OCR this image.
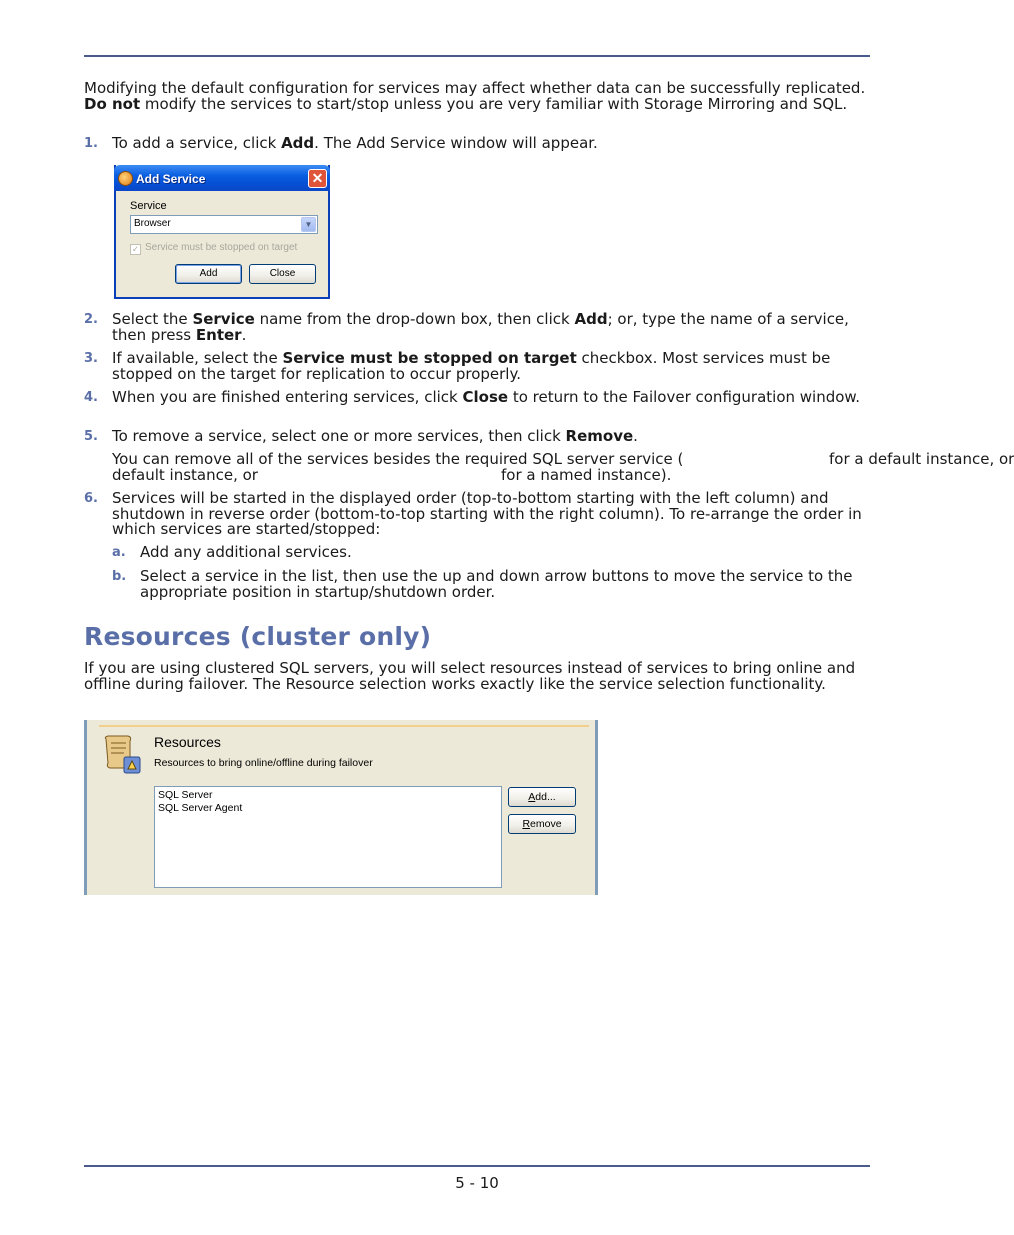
Modifying the default configuration for services may affect whether data can be successfully replicated. Do not modify the services to start/stop unless you are very familiar with Storage Mirroring and SQL.
1. To add a service, click Add. The Add Service window will appear.
Add Service	✕
Service
Browser	▼
✓ Service must be stopped on target
Add	Close
2. Select the Service name from the drop-down box, then click Add; or, type the name of a service, then press Enter.
3. If available, select the Service must be stopped on target checkbox. Most services must be stopped on the target for replication to occur properly.
4. When you are finished entering services, click Close to return to the Failover configuration window.
5. To remove a service, select one or more services, then click Remove.
You can remove all of the services besides the required SQL server service (	for a default instance, or
default instance, or	for a named instance).
6. Services will be started in the displayed order (top-to-bottom starting with the left column) and shutdown in reverse order (bottom-to-top starting with the right column). To re-arrange the order in which services are started/stopped:
a. Add any additional services.
b. Select a service in the list, then use the up and down arrow buttons to move the service to the appropriate position in startup/shutdown order.
Resources (cluster only)
If you are using clustered SQL servers, you will select resources instead of services to bring online and offline during failover. The Resource selection works exactly like the service selection functionality.
Resources
Resources to bring online/offline during failover
SQL Server
SQL Server Agent
Add...
Remove
5 - 10
